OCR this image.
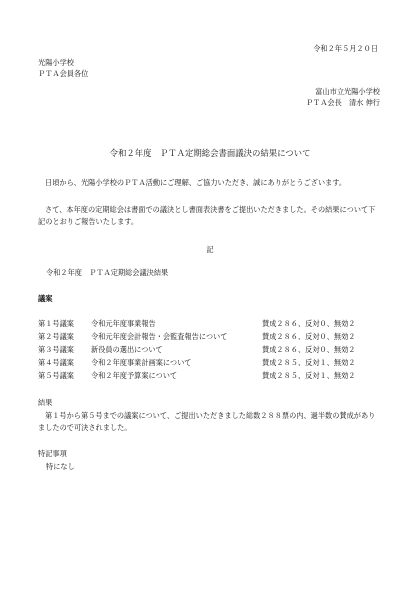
令和２年５月２０日
光陽小学校
ＰＴＡ会員各位
富山市立光陽小学校
ＰＴＡ会長　清水 伸行
令和２年度　ＰＴＡ定期総会書面議決の結果について
日頃から、光陽小学校のＰＴＡ活動にご理解、ご協力いただき、誠にありがとうございます。
さて、本年度の定期総会は書面での議決とし書面表決書をご提出いただきました。その結果について下記のとおりご報告いたします。
記
令和２年度　ＰＴＡ定期総会議決結果
議案
第１号議案 令和元年度事業報告	賛成２８６、反対０、無効２
第２号議案 令和元年度会計報告・会監査報告について	賛成２８６、反対０、無効２
第３号議案 新役員の選出について	賛成２８６、反対０、無効２
第４号議案 令和２年度事業計画案について	賛成２８５、反対１、無効２
第５号議案 令和２年度予算案について	賛成２８５、反対１、無効２
結果
第１号から第５号までの議案について、ご提出いただきました総数２８８票の内、過半数の賛成がありましたので可決されました。
特記事項
特になし
